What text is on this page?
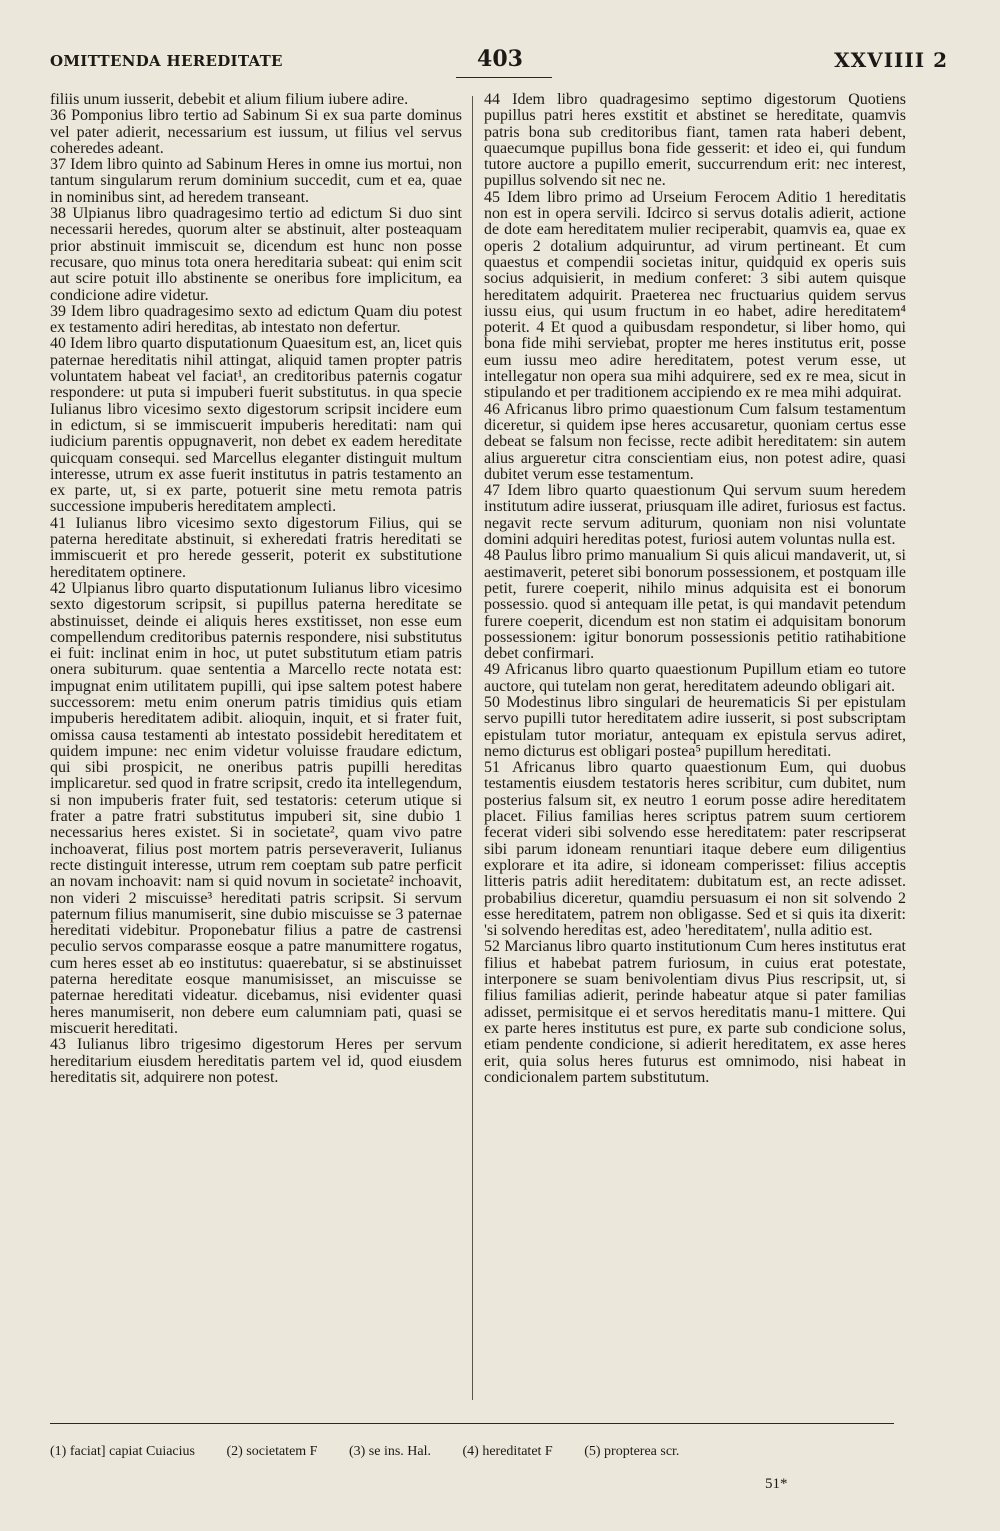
OMITTENDA HEREDITATE	403	XXVIIII 2

filiis unum iusserit, debebit et alium filium iubere adire.

36 Pomponius libro tertio ad Sabinum Si ex sua parte dominus vel pater adierit, necessarium est iussum, ut filius vel servus coheredes adeant.

37 Idem libro quinto ad Sabinum Heres in omne ius mortui, non tantum singularum rerum dominium succedit, cum et ea, quae in nominibus sint, ad heredem transeant.

38 Ulpianus libro quadragesimo tertio ad edictum Si duo sint necessarii heredes, quorum alter se abstinuit, alter posteaquam prior abstinuit immiscuit se, dicendum est hunc non posse recusare, quo minus tota onera hereditaria subeat: qui enim scit aut scire potuit illo abstinente se oneribus fore implicitum, ea condicione adire videtur.

39 Idem libro quadragesimo sexto ad edictum Quam diu potest ex testamento adiri hereditas, ab intestato non defertur.

40 Idem libro quarto disputationum Quaesitum est, an, licet quis paternae hereditatis nihil attingat, aliquid tamen propter patris voluntatem habeat vel faciat¹, an creditoribus paternis cogatur respondere: ut puta si impuberi fuerit substitutus. in qua specie Iulianus libro vicesimo sexto digestorum scripsit incidere eum in edictum, si se immiscuerit impuberis hereditati: nam qui iudicium parentis oppugnaverit, non debet ex eadem hereditate quicquam consequi. sed Marcellus eleganter distinguit multum interesse, utrum ex asse fuerit institutus in patris testamento an ex parte, ut, si ex parte, potuerit sine metu remota patris successione impuberis hereditatem amplecti.

41 Iulianus libro vicesimo sexto digestorum Filius, qui se paterna hereditate abstinuit, si exheredati fratris hereditati se immiscuerit et pro herede gesserit, poterit ex substitutione hereditatem optinere.

42 Ulpianus libro quarto disputationum Iulianus libro vicesimo sexto digestorum scripsit, si pupillus paterna hereditate se abstinuisset, deinde ei aliquis heres exstitisset, non esse eum compellendum creditoribus paternis respondere, nisi substitutus ei fuit: inclinat enim in hoc, ut putet substitutum etiam patris onera subiturum. quae sententia a Marcello recte notata est: impugnat enim utilitatem pupilli, qui ipse saltem potest habere successorem: metu enim onerum patris timidius quis etiam impuberis hereditatem adibit. alioquin, inquit, et si frater fuit, omissa causa testamenti ab intestato possidebit hereditatem et quidem impune: nec enim videtur voluisse fraudare edictum, qui sibi prospicit, ne oneribus patris pupilli hereditas implicaretur. sed quod in fratre scripsit, credo ita intellegendum, si non impuberis frater fuit, sed testatoris: ceterum utique si frater a patre fratri substitutus impuberi sit, sine dubio 1 necessarius heres existet. Si in societate², quam vivo patre inchoaverat, filius post mortem patris perseveraverit, Iulianus recte distinguit interesse, utrum rem coeptam sub patre perficit an novam inchoavit: nam si quid novum in societate² inchoavit, non videri 2 miscuisse³ hereditati patris scripsit. Si servum paternum filius manumiserit, sine dubio miscuisse se 3 paternae hereditati videbitur. Proponebatur filius a patre de castrensi peculio servos comparasse eosque a patre manumittere rogatus, cum heres esset ab eo institutus: quaerebatur, si se abstinuisset paterna hereditate eosque manumisisset, an miscuisse se paternae hereditati videatur. dicebamus, nisi evidenter quasi heres manumiserit, non debere eum calumniam pati, quasi se miscuerit hereditati.

43 Iulianus libro trigesimo digestorum Heres per servum hereditarium eiusdem hereditatis partem vel id, quod eiusdem hereditatis sit, adquirere non potest.

44 Idem libro quadragesimo septimo digestorum Quotiens pupillus patri heres exstitit et abstinet se hereditate, quamvis patris bona sub creditoribus fiant, tamen rata haberi debent, quaecumque pupillus bona fide gesserit: et ideo ei, qui fundum tutore auctore a pupillo emerit, succurrendum erit: nec interest, pupillus solvendo sit nec ne.

45 Idem libro primo ad Urseium Ferocem Aditio 1 hereditatis non est in opera servili. Idcirco si servus dotalis adierit, actione de dote eam hereditatem mulier reciperabit, quamvis ea, quae ex operis 2 dotalium adquiruntur, ad virum pertineant. Et cum quaestus et compendii societas initur, quidquid ex operis suis socius adquisierit, in medium conferet: 3 sibi autem quisque hereditatem adquirit. Praeterea nec fructuarius quidem servus iussu eius, qui usum fructum in eo habet, adire hereditatem⁴ poterit. 4 Et quod a quibusdam respondetur, si liber homo, qui bona fide mihi serviebat, propter me heres institutus erit, posse eum iussu meo adire hereditatem, potest verum esse, ut intellegatur non opera sua mihi adquirere, sed ex re mea, sicut in stipulando et per traditionem accipiendo ex re mea mihi adquirat.

46 Africanus libro primo quaestionum Cum falsum testamentum diceretur, si quidem ipse heres accusaretur, quoniam certus esse debeat se falsum non fecisse, recte adibit hereditatem: sin autem alius argueretur citra conscientiam eius, non potest adire, quasi dubitet verum esse testamentum.

47 Idem libro quarto quaestionum Qui servum suum heredem institutum adire iusserat, priusquam ille adiret, furiosus est factus. negavit recte servum aditurum, quoniam non nisi voluntate domini adquiri hereditas potest, furiosi autem voluntas nulla est.

48 Paulus libro primo manualium Si quis alicui mandaverit, ut, si aestimaverit, peteret sibi bonorum possessionem, et postquam ille petit, furere coeperit, nihilo minus adquisita est ei bonorum possessio. quod si antequam ille petat, is qui mandavit petendum furere coeperit, dicendum est non statim ei adquisitam bonorum possessionem: igitur bonorum possessionis petitio ratihabitione debet confirmari.

49 Africanus libro quarto quaestionum Pupillum etiam eo tutore auctore, qui tutelam non gerat, hereditatem adeundo obligari ait.

50 Modestinus libro singulari de heurematicis Si per epistulam servo pupilli tutor hereditatem adire iusserit, si post subscriptam epistulam tutor moriatur, antequam ex epistula servus adiret, nemo dicturus est obligari postea⁵ pupillum hereditati.

51 Africanus libro quarto quaestionum Eum, qui duobus testamentis eiusdem testatoris heres scribitur, cum dubitet, num posterius falsum sit, ex neutro 1 eorum posse adire hereditatem placet. Filius familias heres scriptus patrem suum certiorem fecerat videri sibi solvendo esse hereditatem: pater rescripserat sibi parum idoneam renuntiari itaque debere eum diligentius explorare et ita adire, si idoneam comperisset: filius acceptis litteris patris adiit hereditatem: dubitatum est, an recte adisset. probabilius diceretur, quamdiu persuasum ei non sit solvendo 2 esse hereditatem, patrem non obligasse. Sed et si quis ita dixerit: 'si solvendo hereditas est, adeo 'hereditatem', nulla aditio est.

52 Marcianus libro quarto institutionum Cum heres institutus erat filius et habebat patrem furiosum, in cuius erat potestate, interponere se suam benivolentiam divus Pius rescripsit, ut, si filius familias adierit, perinde habeatur atque si pater familias adisset, permisitque ei et servos hereditatis manu-1 mittere. Qui ex parte heres institutus est pure, ex parte sub condicione solus, etiam pendente condicione, si adierit hereditatem, ex asse heres erit, quia solus heres futurus est omnimodo, nisi habeat in condicionalem partem substitutum.

(1) faciat] capiat Cuiacius (2) societatem F (3) se ins. Hal. (4) hereditatet F (5) propterea scr.
51*
